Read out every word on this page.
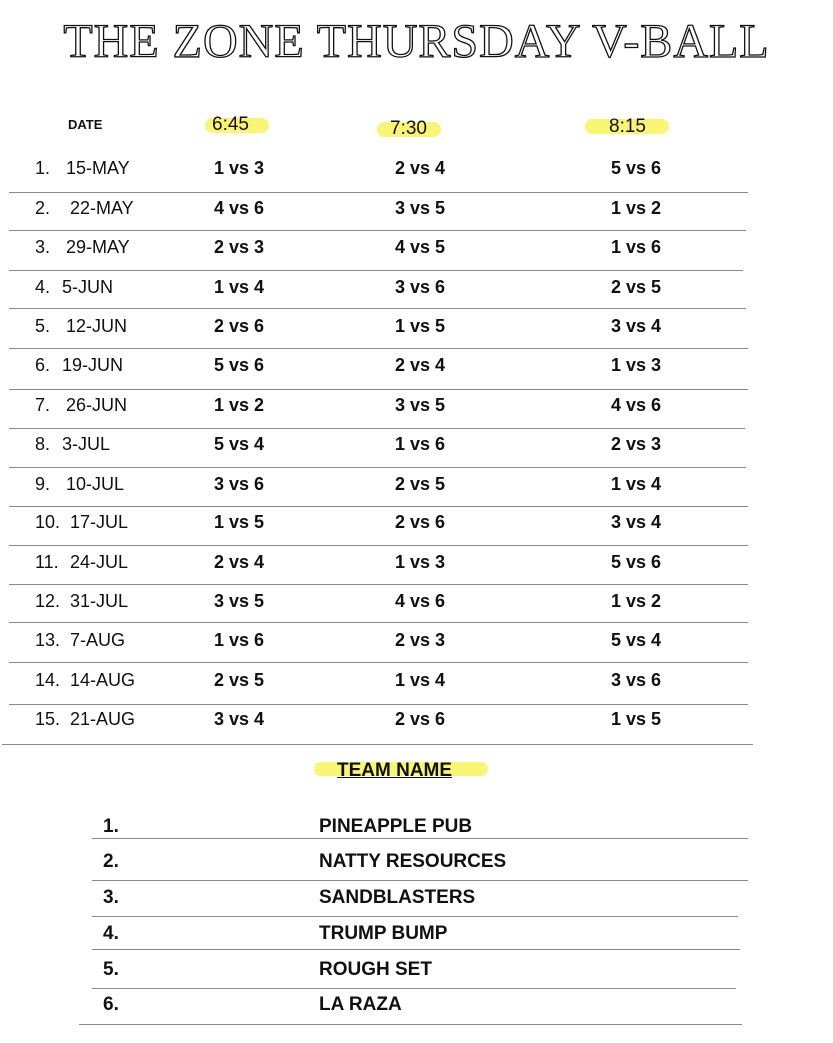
THE ZONE THURSDAY V-BALL
DATE	6:45	7:30	8:15
1. 15-MAY	1 vs 3	2 vs 4	5 vs 6
2. 22-MAY	4 vs 6	3 vs 5	1 vs 2
3. 29-MAY	2 vs 3	4 vs 5	1 vs 6
4. 5-JUN	1 vs 4	3 vs 6	2 vs 5
5. 12-JUN	2 vs 6	1 vs 5	3 vs 4
6. 19-JUN	5 vs 6	2 vs 4	1 vs 3
7. 26-JUN	1 vs 2	3 vs 5	4 vs 6
8. 3-JUL	5 vs 4	1 vs 6	2 vs 3
9. 10-JUL	3 vs 6	2 vs 5	1 vs 4
10. 17-JUL	1 vs 5	2 vs 6	3 vs 4
11. 24-JUL	2 vs 4	1 vs 3	5 vs 6
12. 31-JUL	3 vs 5	4 vs 6	1 vs 2
13. 7-AUG	1 vs 6	2 vs 3	5 vs 4
14. 14-AUG	2 vs 5	1 vs 4	3 vs 6
15. 21-AUG	3 vs 4	2 vs 6	1 vs 5
TEAM NAME
1.	PINEAPPLE PUB
2.	NATTY RESOURCES
3.	SANDBLASTERS
4.	TRUMP BUMP
5.	ROUGH SET
6.	LA RAZA
